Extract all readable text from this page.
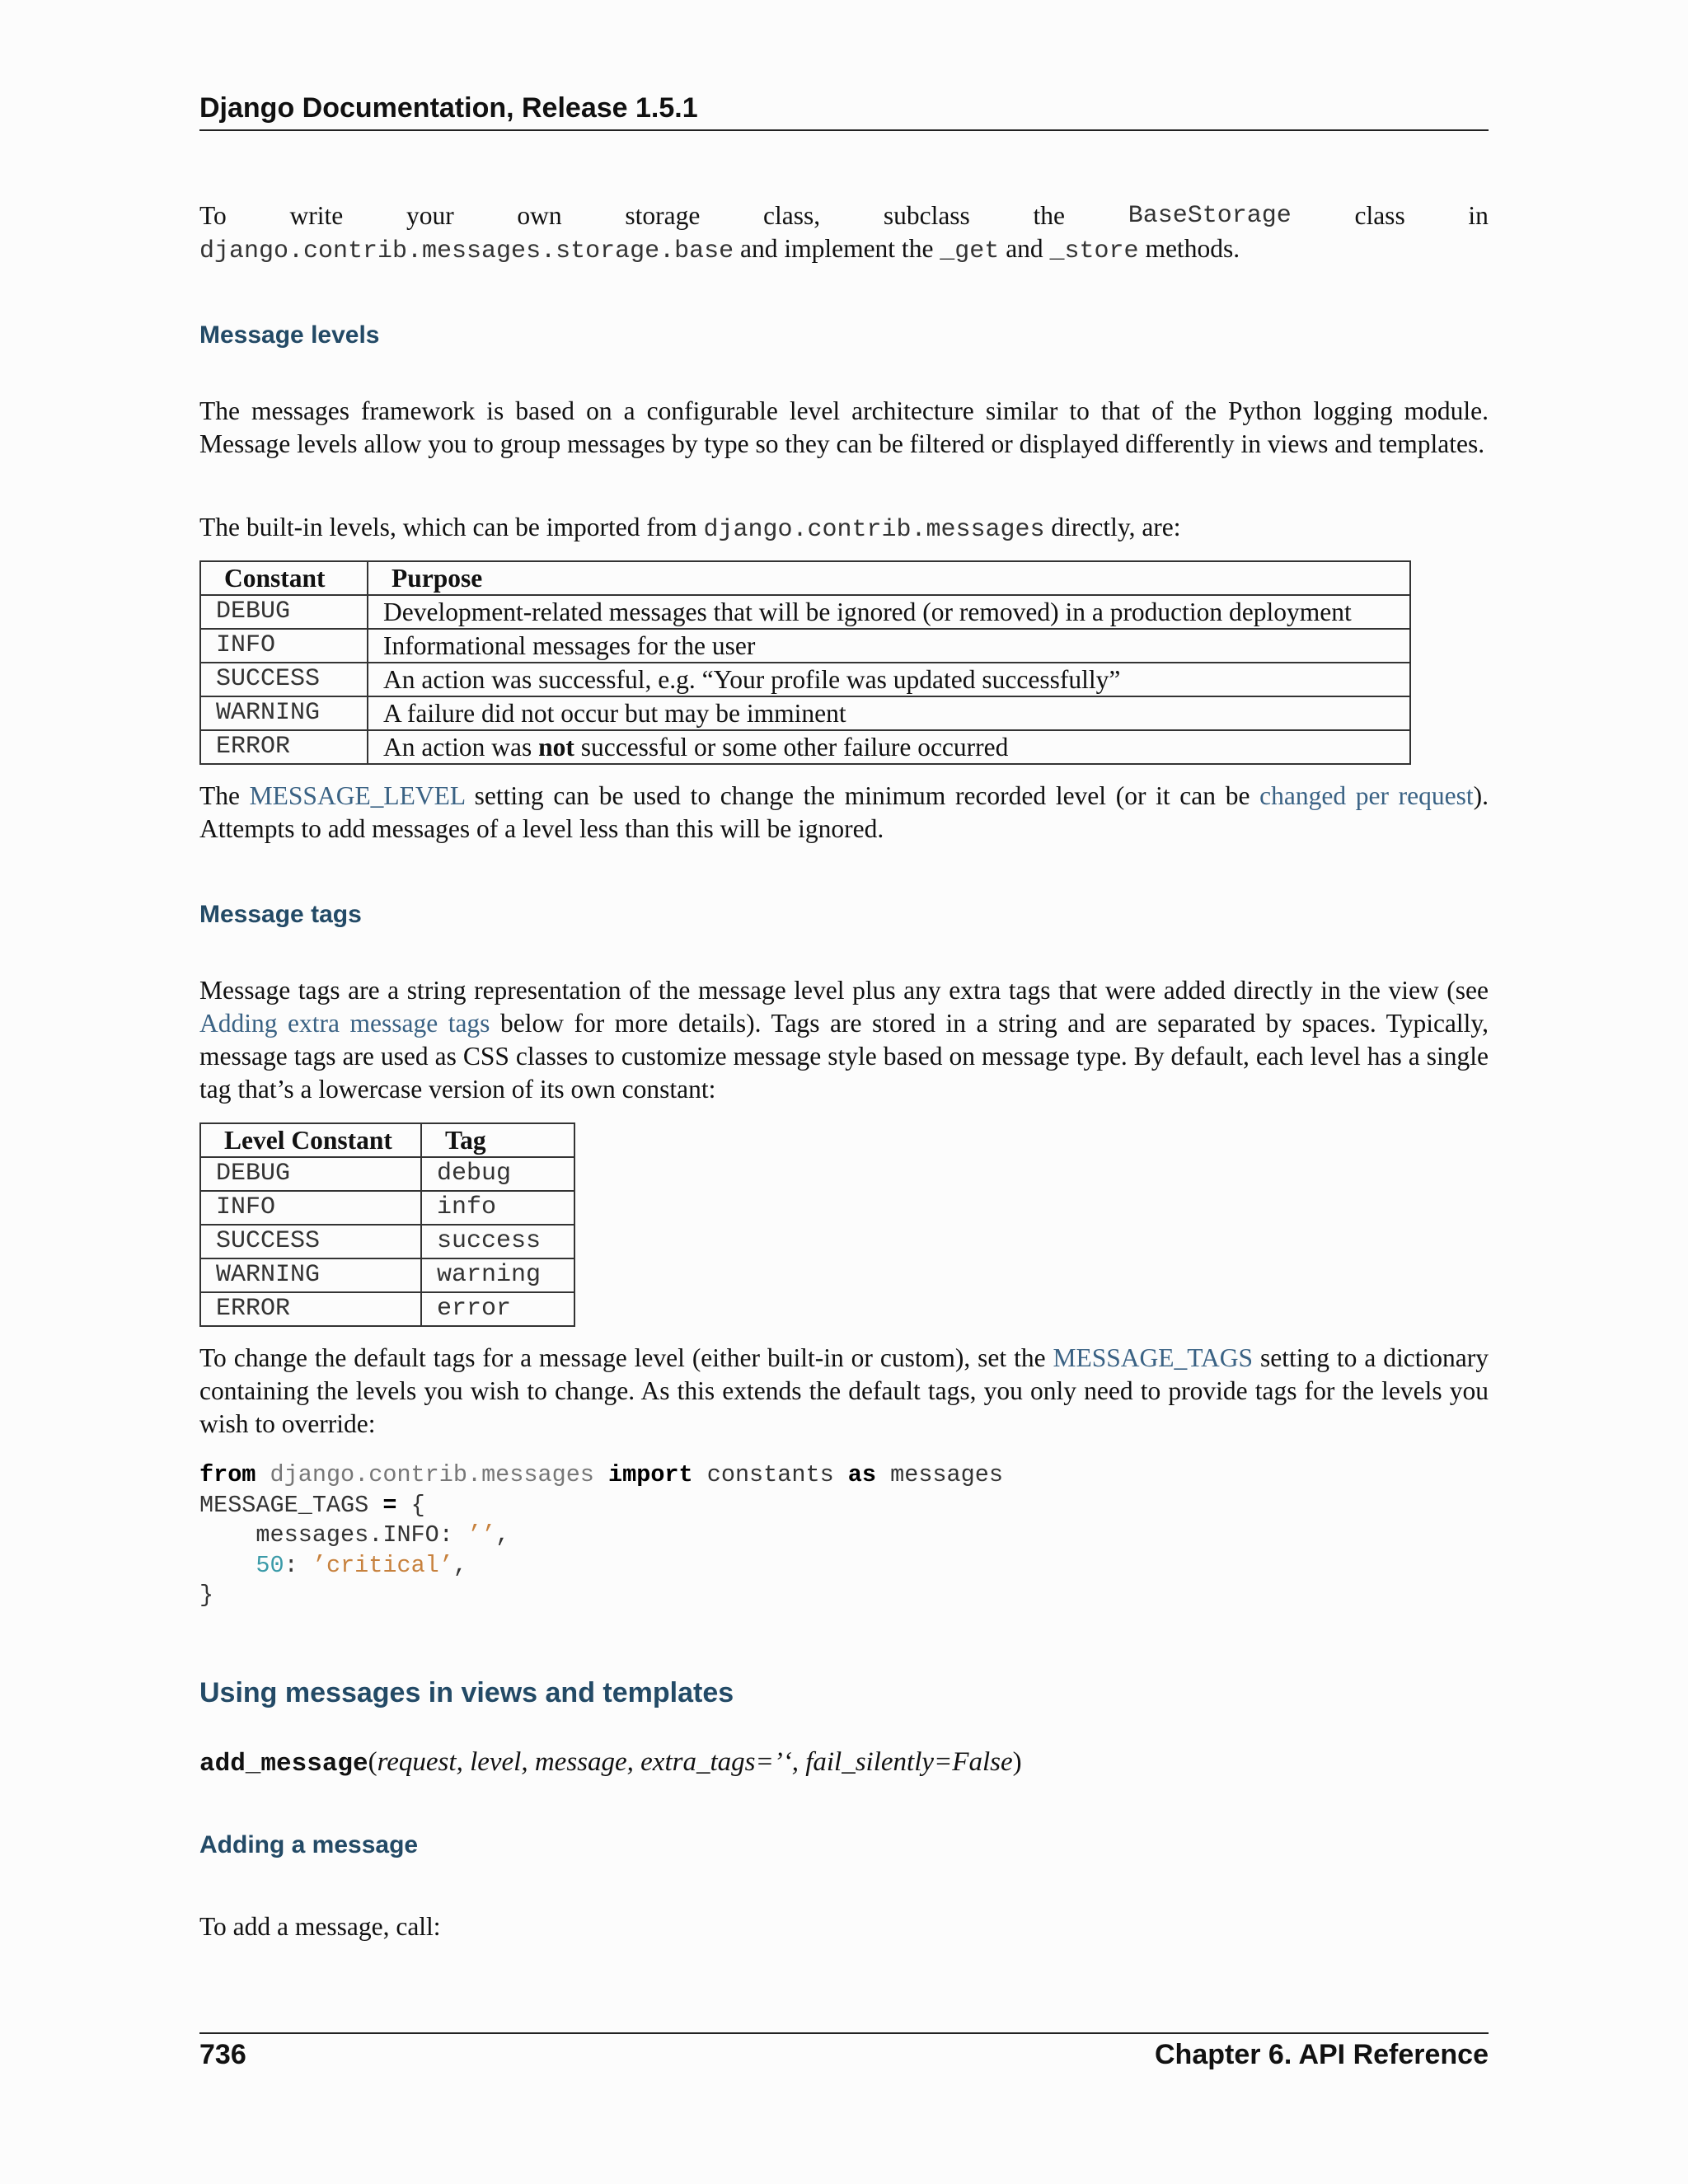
Django Documentation, Release 1.5.1

To write your own storage class, subclass the	BaseStorage class in
django.contrib.messages.storage.base and implement the _get and _store methods.

Message levels

The messages framework is based on a configurable level architecture similar to that of the Python logging module. Message levels allow you to group messages by type so they can be filtered or displayed differently in views and templates.

The built-in levels, which can be imported from django.contrib.messages directly, are:

Constant	Purpose
DEBUG	Development-related messages that will be ignored (or removed) in a production deployment
INFO	Informational messages for the user
SUCCESS	An action was successful, e.g. “Your profile was updated successfully”
WARNING	A failure did not occur but may be imminent
ERROR	An action was not successful or some other failure occurred

The MESSAGE_LEVEL setting can be used to change the minimum recorded level (or it can be changed per request). Attempts to add messages of a level less than this will be ignored.

Message tags

Message tags are a string representation of the message level plus any extra tags that were added directly in the view (see Adding extra message tags below for more details). Tags are stored in a string and are separated by spaces. Typically, message tags are used as CSS classes to customize message style based on message type. By default, each level has a single tag that’s a lowercase version of its own constant:

Level Constant	Tag
DEBUG	debug
INFO	info
SUCCESS	success
WARNING	warning
ERROR	error

To change the default tags for a message level (either built-in or custom), set the MESSAGE_TAGS setting to a dictionary containing the levels you wish to change. As this extends the default tags, you only need to provide tags for the levels you wish to override:

from django.contrib.messages import constants as messages
MESSAGE_TAGS = {
messages.INFO: ’’,
50: ’critical’,
}
Using messages in views and templates

add_message(request, level, message, extra_tags=’‘, fail_silently=False)

Adding a message

To add a message, call:

736	Chapter 6. API Reference
